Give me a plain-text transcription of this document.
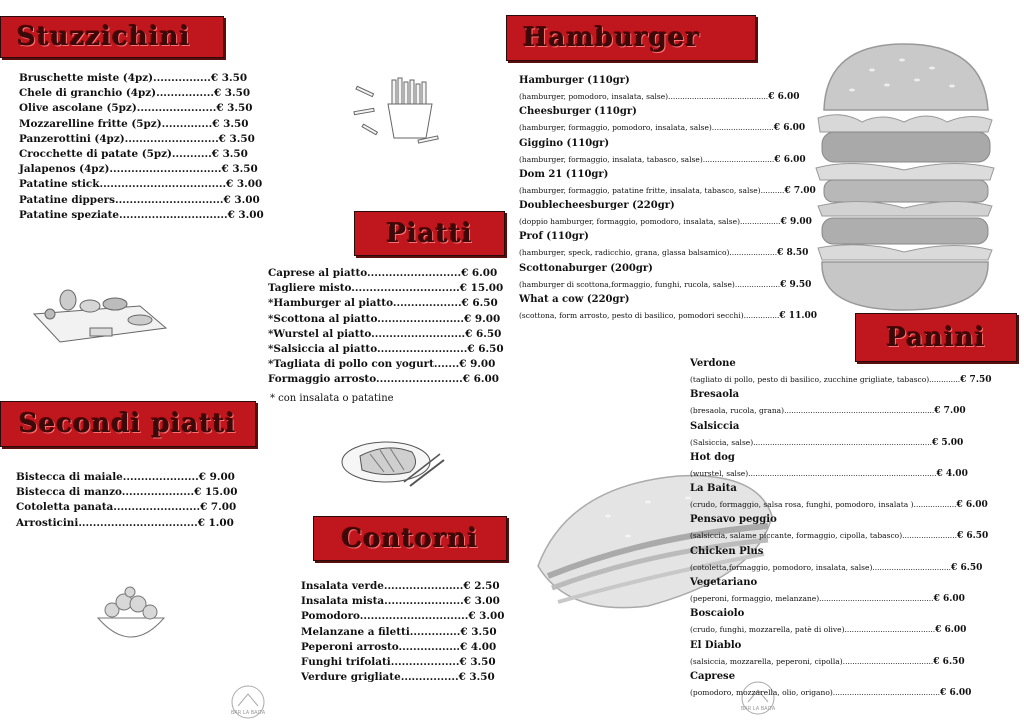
BAR LA BAITA
BAR LA BAITA
Stuzzichini
Bruschette miste (4pz)................€ 3.50
Chele di granchio (4pz)................€ 3.50
Olive ascolane (5pz)......................€ 3.50
Mozzarelline fritte (5pz)..............€ 3.50
Panzerottini (4pz)..........................€ 3.50
Crocchette di patate (5pz)...........€ 3.50
Jalapenos (4pz)...............................€ 3.50
Patatine stick...................................€ 3.00
Patatine dippers..............................€ 3.00
Patatine speziate..............................€ 3.00
Piatti
Caprese al piatto..........................€ 6.00
Tagliere misto..............................€ 15.00
*Hamburger al piatto...................€ 6.50
*Scottona al piatto........................€ 9.00
*Wurstel al piatto..........................€ 6.50
*Salsiccia al piatto.........................€ 6.50
*Tagliata di pollo con yogurt.......€ 9.00
Formaggio arrosto........................€ 6.00
* con insalata o patatine
Secondi piatti
Bistecca di maiale.....................€ 9.00
Bistecca di manzo....................€ 15.00
Cotoletta panata........................€ 7.00
Arrosticini.................................€ 1.00
Contorni
Insalata verde......................€ 2.50
Insalata mista......................€ 3.00
Pomodoro..............................€ 3.00
Melanzane a filetti..............€ 3.50
Peperoni arrosto.................€ 4.00
Funghi trifolati...................€ 3.50
Verdure grigliate................€ 3.50
Hamburger
Hamburger (110gr)
(hamburger, pomodoro, insalata, salse)..........................................€ 6.00
Cheesburger (110gr)
(hamburger, formaggio, pomodoro, insalata, salse)..........................€ 6.00
Giggino (110gr)
(hamburger, formaggio, insalata, tabasco, salse)..............................€ 6.00
Dom 21 (110gr)
(hamburger, formaggio, patatine fritte, insalata, tabasco, salse)..........€ 7.00
Doublecheesburger (220gr)
(doppio hamburger, formaggio, pomodoro, insalata, salse).................€ 9.00
Prof (110gr)
(hamburger, speck, radicchio, grana, glassa balsamico)....................€ 8.50
Scottonaburger (200gr)
(hamburger di scottona,formaggio, funghi, rucola, salse)...................€ 9.50
What a cow (220gr)
(scottona, form arrosto, pesto di basilico, pomodori secchi)...............€ 11.00
Panini
Verdone
(tagliato di pollo, pesto di basilico, zucchine grigliate, tabasco).............€ 7.50
Bresaola
(bresaola, rucola, grana)...............................................................€ 7.00
Salsiccia
(Salsiccia, salse)...........................................................................€ 5.00
Hot dog
(wurstel, salse)...............................................................................€ 4.00
La Baita
(crudo, formaggio, salsa rosa, funghi, pomodoro, insalata )..................€ 6.00
Pensavo peggio
(salsiccia, salame piccante, formaggio, cipolla, tabasco).......................€ 6.50
Chicken Plus
(cotoletta,formaggio, pomodoro, insalata, salse).................................€ 6.50
Vegetariano
(peperoni, formaggio, melanzane)................................................€ 6.00
Boscaiolo
(crudo, funghi, mozzarella, patè di olive)......................................€ 6.00
El Diablo
(salsiccia, mozzarella, peperoni, cipolla)......................................€ 6.50
Caprese
(pomodoro, mozzarella, olio, origano).............................................€ 6.00
